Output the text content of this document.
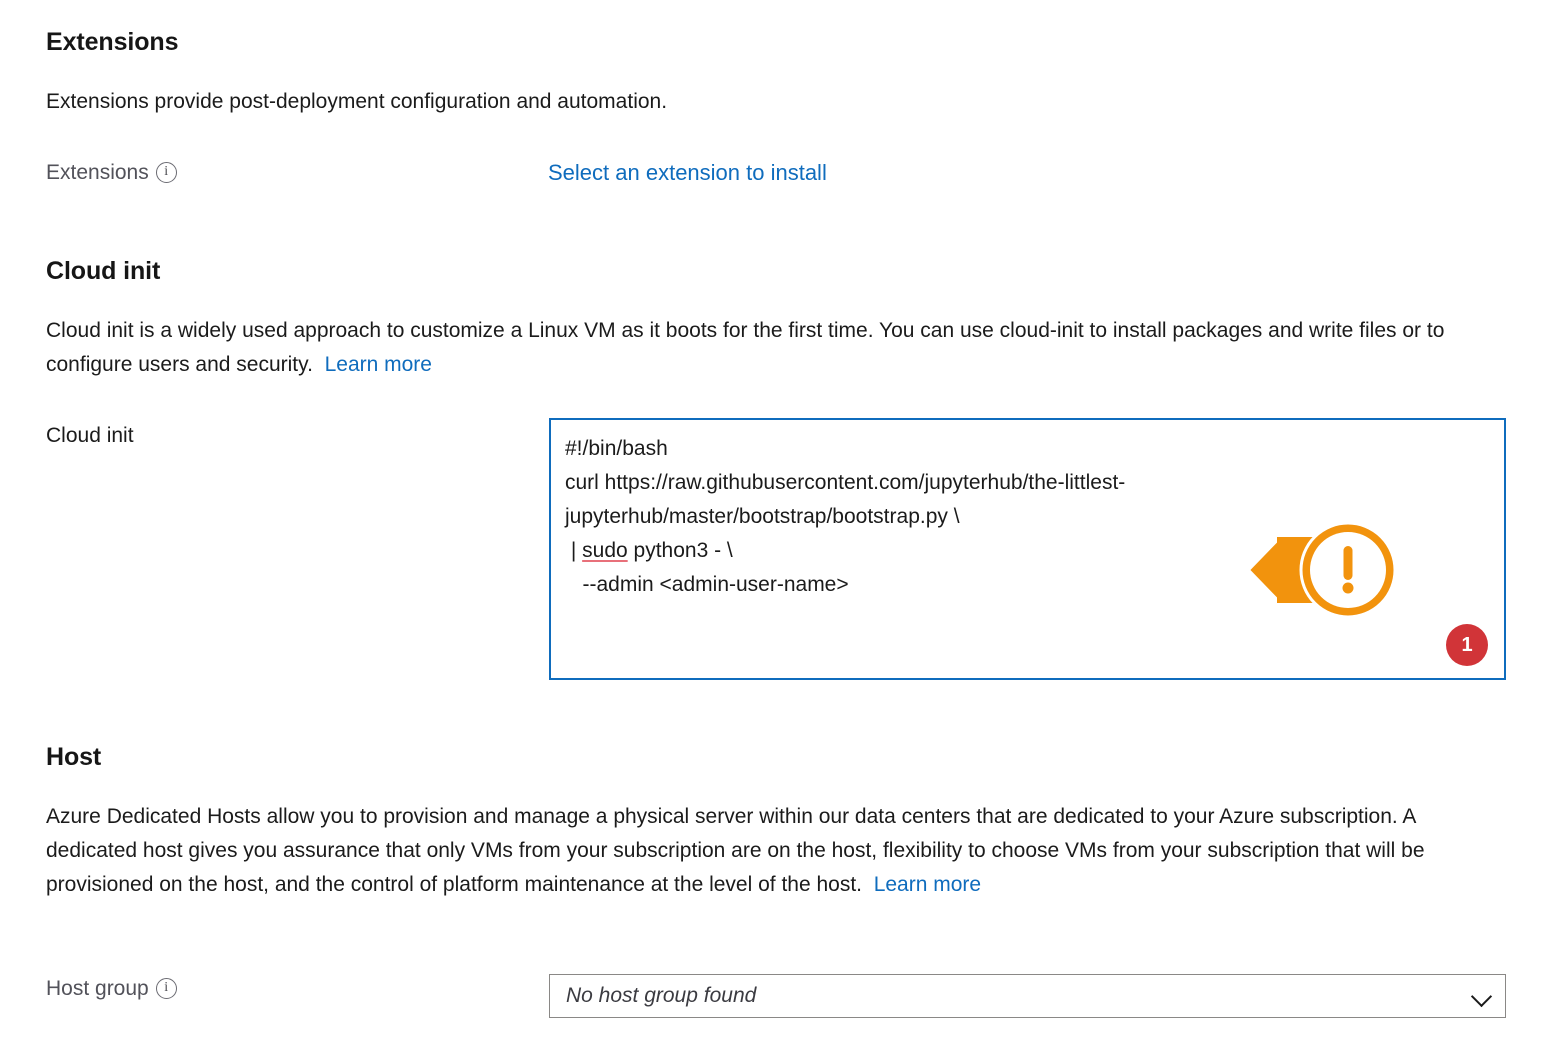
Extensions

Extensions provide post-deployment configuration and automation.

Extensions i	Select an extension to install
Cloud init

Cloud init is a widely used approach to customize a Linux VM as it boots for the first time. You can use cloud-init to install packages and write files or to configure users and security. Learn more

Cloud init
#!/bin/bash
curl https://raw.githubusercontent.com/jupyterhub/the-littlest-jupyterhub/master/bootstrap/bootstrap.py \
| sudo python3 - \
--admin <admin-user-name>
1
Host

Azure Dedicated Hosts allow you to provision and manage a physical server within our data centers that are dedicated to your Azure subscription. A dedicated host gives you assurance that only VMs from your subscription are on the host, flexibility to choose VMs from your subscription that will be provisioned on the host, and the control of platform maintenance at the level of the host. Learn more

Host group i	No host group found
